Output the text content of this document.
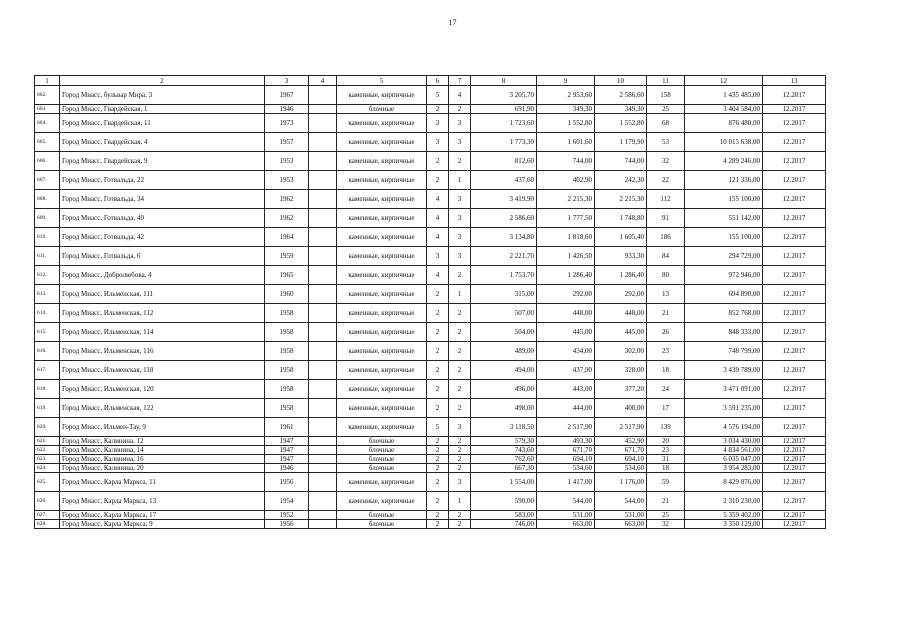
17
1	2	3	4	5	6	7	8	9	10	11	12	13
602.	Город Миасс, бульвар Мира, 3	1967		каменные, кирпичные	5	4	3 205,70	2 953,60	2 586,60	158	1 435 485,00	12.2017
603.	Город Миасс, Гвардейская, 1	1946		блочные	2	2	691,90	349,30	349,30	25	3 404 584,00	12.2017
604.	Город Миасс, Гвардейская, 11	1973		каменные, кирпичные	3	3	1 723,60	1 552,80	1 552,80	68	876 480,00	12.2017
605.	Город Миасс, Гвардейская, 4	1957		каменные, кирпичные	3	3	1 773,30	1 601,60	1 179,90	53	10 015 638,00	12.2017
606.	Город Миасс, Гвардейская, 9	1953		каменные, кирпичные	2	2	812,60	744,00	744,00	32	4 289 246,00	12.2017
607.	Город Миасс, Готвальда, 22	1953		каменные, кирпичные	2	1	437,60	402,90	242,30	22	121 336,00	12.2017
608.	Город Миасс, Готвальда, 34	1962		каменные, кирпичные	4	3	3 419,90	2 215,30	2 215,30	112	155 100,00	12.2017
609.	Город Миасс, Готвальда, 40	1962		каменные, кирпичные	4	3	2 586,60	1 777,50	1 748,80	91	551 142,00	12.2017
610.	Город Миасс, Готвальда, 42	1964		каменные, кирпичные	4	3	3 134,80	1 818,60	1 605,40	186	155 100,00	12.2017
611.	Город Миасс, Готвальда, 6	1959		каменные, кирпичные	3	3	2 221,70	1 426,50	933,30	84	294 729,00	12.2017
612.	Город Миасс, Добролюбова, 4	1965		каменные, кирпичные	4	2	1 753,70	1 286,40	1 286,40	80	972 946,00	12.2017
613.	Город Миасс, Ильменская, 111	1960		каменные, кирпичные	2	1	315,00	292,00	292,00	13	694 890,00	12.2017
614.	Город Миасс, Ильменская, 112	1958		каменные, кирпичные	2	2	507,00	448,00	448,00	21	852 768,00	12.2017
615.	Город Миасс, Ильменская, 114	1958		каменные, кирпичные	2	2	504,00	445,00	445,00	26	848 333,00	12.2017
616.	Город Миасс, Ильменская, 116	1958		каменные, кирпичные	2	2	489,00	434,00	302,00	23	748 799,00	12.2017
617.	Город Миасс, Ильменская, 118	1958		каменные, кирпичные	2	2	494,00	437,90	328,00	18	3 439 789,00	12.2017
618.	Город Миасс, Ильменская, 120	1958		каменные, кирпичные	2	2	496,00	443,00	377,20	24	3 471 091,00	12.2017
619.	Город Миасс, Ильменская, 122	1958		каменные, кирпичные	2	2	498,00	444,00	400,00	17	3 591 235,00	12.2017
620.	Город Миасс, Ильмен-Тау, 9	1961		каменные, кирпичные	5	3	3 118,50	2 517,90	2 517,90	139	4 576 194,00	12.2017
621.	Город Миасс, Калинина, 12	1947		блочные	2	2	579,30	493,30	452,90	20	3 034 430,00	12.2017
622.	Город Миасс, Калинина, 14	1947		блочные	2	2	743,60	671,70	671,70	23	4 834 561,00	12.2017
623.	Город Миасс, Калинина, 16	1947		блочные	2	2	762,60	694,10	694,10	31	6 035 047,00	12.2017
624.	Город Миасс, Калинина, 20	1946		блочные	2	2	667,30	534,60	534,60	18	3 954 283,00	12.2017
625.	Город Миасс, Карла Маркса, 11	1956		каменные, кирпичные	2	3	1 554,00	1 417,00	1 176,00	59	8 429 876,00	12.2017
626.	Город Миасс, Карла Маркса, 13	1954		каменные, кирпичные	2	1	590,00	544,00	544,00	21	2 310 230,00	12.2017
627.	Город Миасс, Карла Маркса, 17	1952		блочные	2	2	583,00	531,00	531,00	25	5 359 402,00	12.2017
628.	Город Миасс, Карла Маркса, 9	1956		блочные	2	2	746,00	663,00	663,00	32	3 350 129,00	12.2017
